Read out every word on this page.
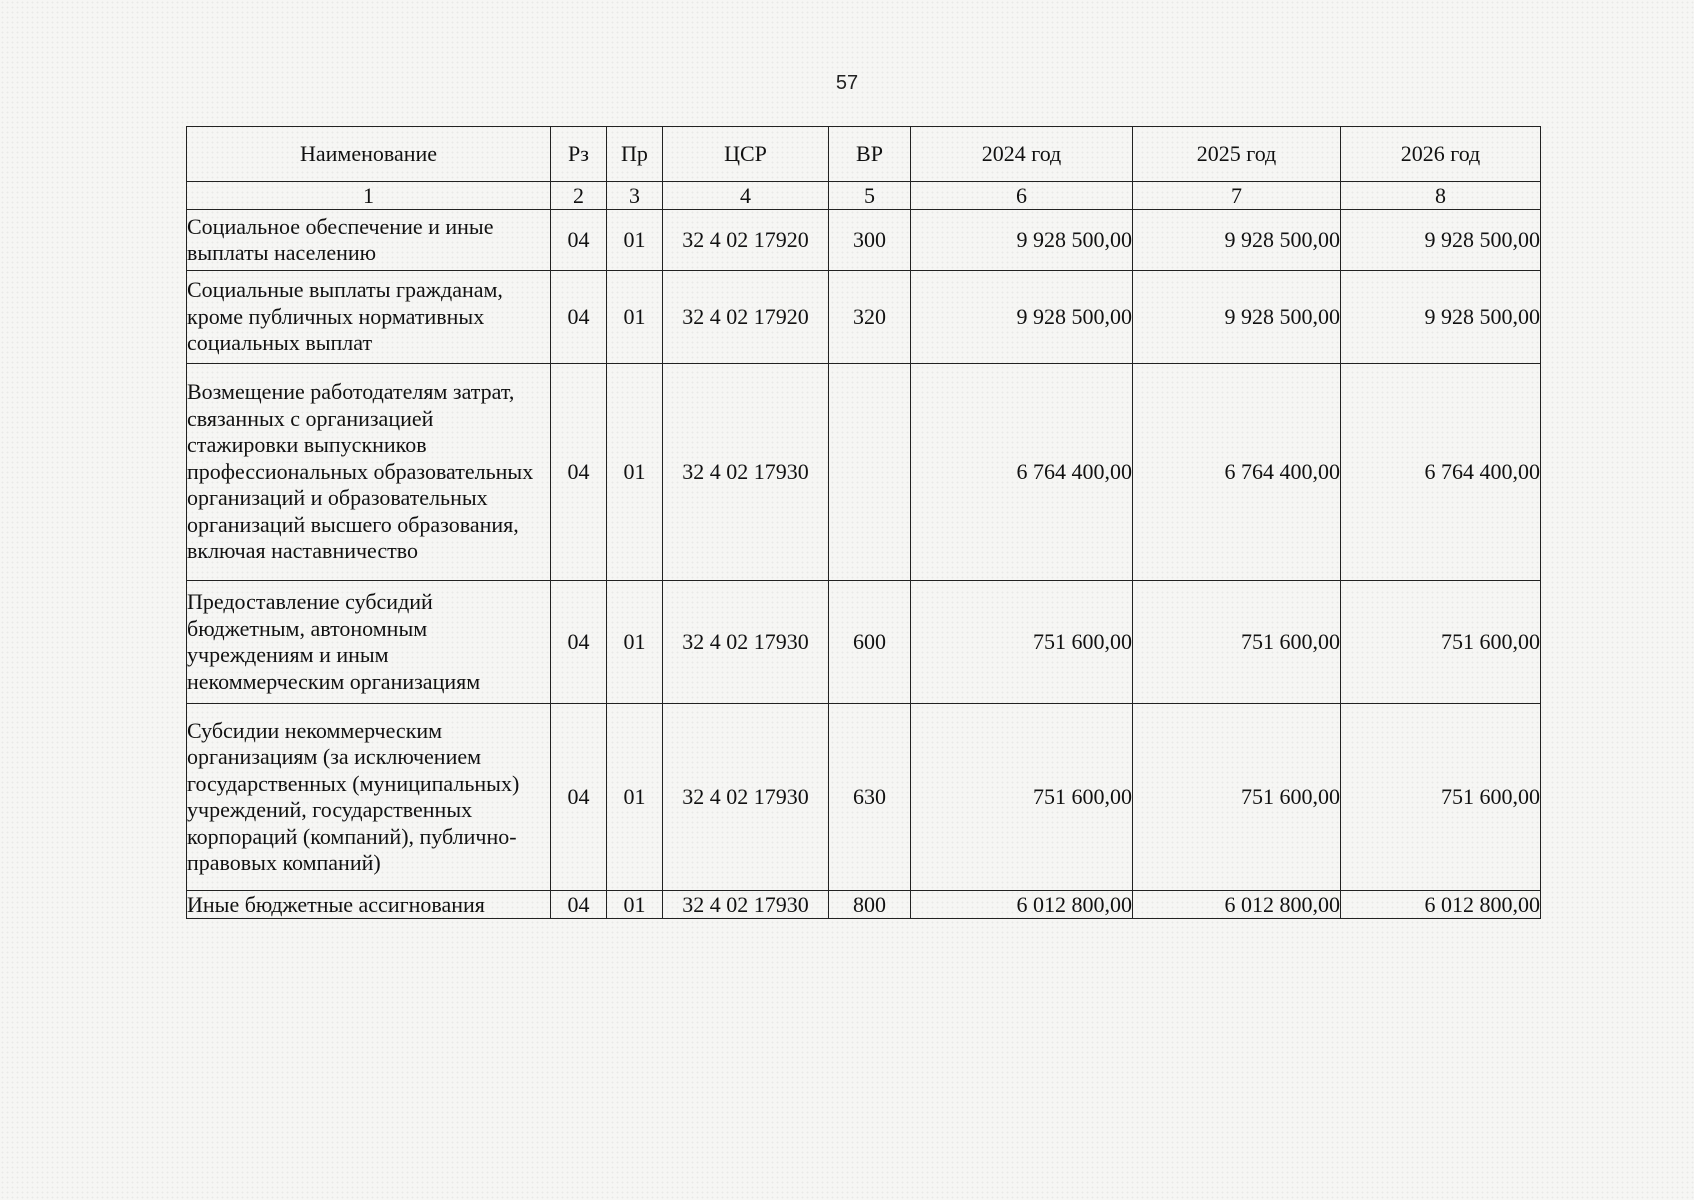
57
Наименование	Рз	Пр	ЦСР	ВР	2024 год	2025 год	2026 год
1	2	3	4	5	6	7	8
Социальное обеспечение и иные выплаты населению	04	01	32 4 02 17920	300	9 928 500,00	9 928 500,00	9 928 500,00
Социальные выплаты гражданам, кроме публичных нормативных социальных выплат	04	01	32 4 02 17920	320	9 928 500,00	9 928 500,00	9 928 500,00
Возмещение работодателям затрат, связанных с организацией стажировки выпускников профессиональных образовательных организаций и образовательных организаций высшего образования, включая наставничество	04	01	32 4 02 17930		6 764 400,00	6 764 400,00	6 764 400,00
Предоставление субсидий бюджетным, автономным учреждениям и иным некоммерческим организациям	04	01	32 4 02 17930	600	751 600,00	751 600,00	751 600,00
Субсидии некоммерческим организациям (за исключением государственных (муниципальных) учреждений, государственных корпораций (компаний), публично-правовых компаний)	04	01	32 4 02 17930	630	751 600,00	751 600,00	751 600,00
Иные бюджетные ассигнования	04	01	32 4 02 17930	800	6 012 800,00	6 012 800,00	6 012 800,00
